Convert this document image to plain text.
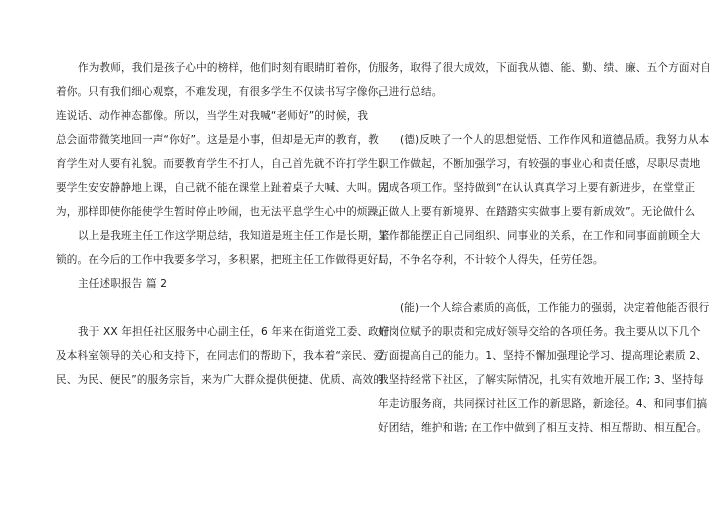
作为教师，我们是孩子心中的榜样，他们时刻有眼睛盯着你，仿
着你。只有我们细心观察，不难发现，有很多学生不仅读书写字像你，
连说话、动作神态都像。所以，当学生对我喊“老师好”的时候，我
总会面带微笑地回一声“你好”。这是是小事，但却是无声的教育，教
育学生对人要有礼貌。而要教育学生不打人，自己首先就不许打学生；
要学生安安静静地上课，自己就不能在课堂上趾着桌子大喊、大叫。因
为，那样即使你能使学生暂时停止吵闹，也无法平息学生心中的烦躁。
以上是我班主任工作这学期总结，我知道是班主任工作是长期，繁
锁的。在今后的工作中我要多学习，多积累，把班主任工作做得更好！
主任述职报告 篇 2
我于 XX 年担任社区服务中心副主任，6 年来在街道党工委、政府
及本科室领导的关心和支持下，在同志们的帮助下，我本着“亲民、爱
民、为民、便民”的服务宗旨，来为广大群众提供便捷、优质、高效的
服务，取得了很大成效，下面我从德、能、勤、绩、廉、五个方面对自
己进行总结。
(德)反映了一个人的思想觉悟、工作作风和道德品质。我努力从本
职工作做起，不断加强学习，有较强的事业心和责任感，尽职尽责地
完成各项工作。坚持做到“在认认真真学习上要有新进步，在堂堂正
正做人上要有新境界、在踏踏实实做事上要有新成效”。无论做什么
工作都能摆正自己同组织、同事业的关系，在工作和同事面前顾全大
局，不争名夺利，不计较个人得失，任劳任怨。
(能)一个人综合素质的高低，工作能力的强弱，决定着他能否很行
好岗位赋予的职责和完成好领导交给的各项任务。我主要从以下几个
方面提高自己的能力。1、坚持不懈加强理论学习、提高理论素质 2、
我坚持经常下社区，了解实际情况，扎实有效地开展工作; 3、坚持每
年走访服务商，共同探讨社区工作的新思路，新途径。4、和同事们搞
好团结，维护和谐; 在工作中做到了相互支持、相互帮助、相互配合。
